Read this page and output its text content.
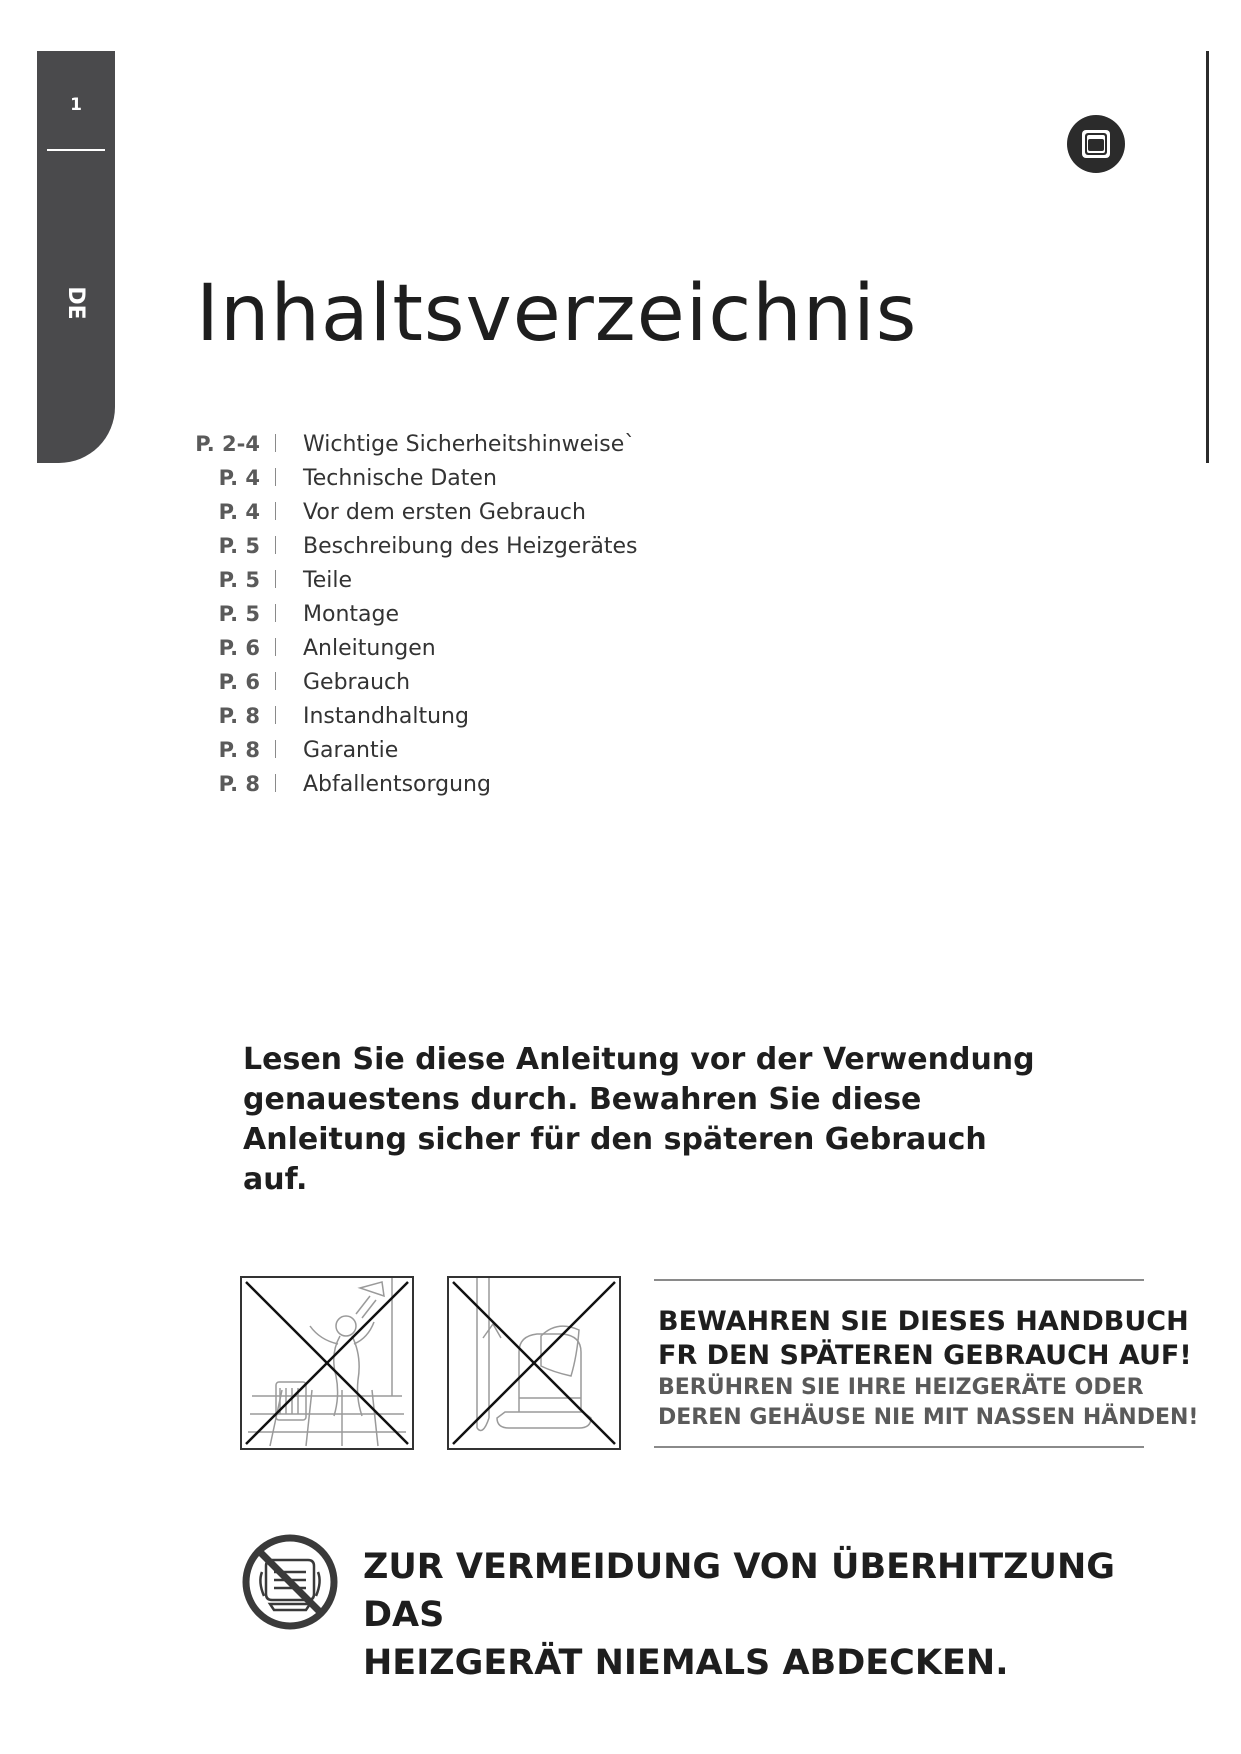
1
DE Inhaltsverzeichnis
P. 2-4 Wichtige Sicherheitshinweise`
P. 4 Technische Daten
P. 4 Vor dem ersten Gebrauch
P. 5 Beschreibung des Heizgerätes
P. 5 Teile
P. 5 Montage
P. 6 Anleitungen
P. 6 Gebrauch
P. 8 Instandhaltung
P. 8 Garantie
P. 8 Abfallentsorgung

Lesen Sie diese Anleitung vor der Verwendung genauestens durch. Bewahren Sie diese Anleitung sicher für den späteren Gebrauch auf.

BEWAHREN SIE DIESES HANDBUCH
FR DEN SPÄTEREN GEBRAUCH AUF!

BERÜHREN SIE IHRE HEIZGERÄTE ODER
DEREN GEHÄUSE NIE MIT NASSEN HÄNDEN!

ZUR VERMEIDUNG VON ÜBERHITZUNG DAS
HEIZGERÄT NIEMALS ABDECKEN.
